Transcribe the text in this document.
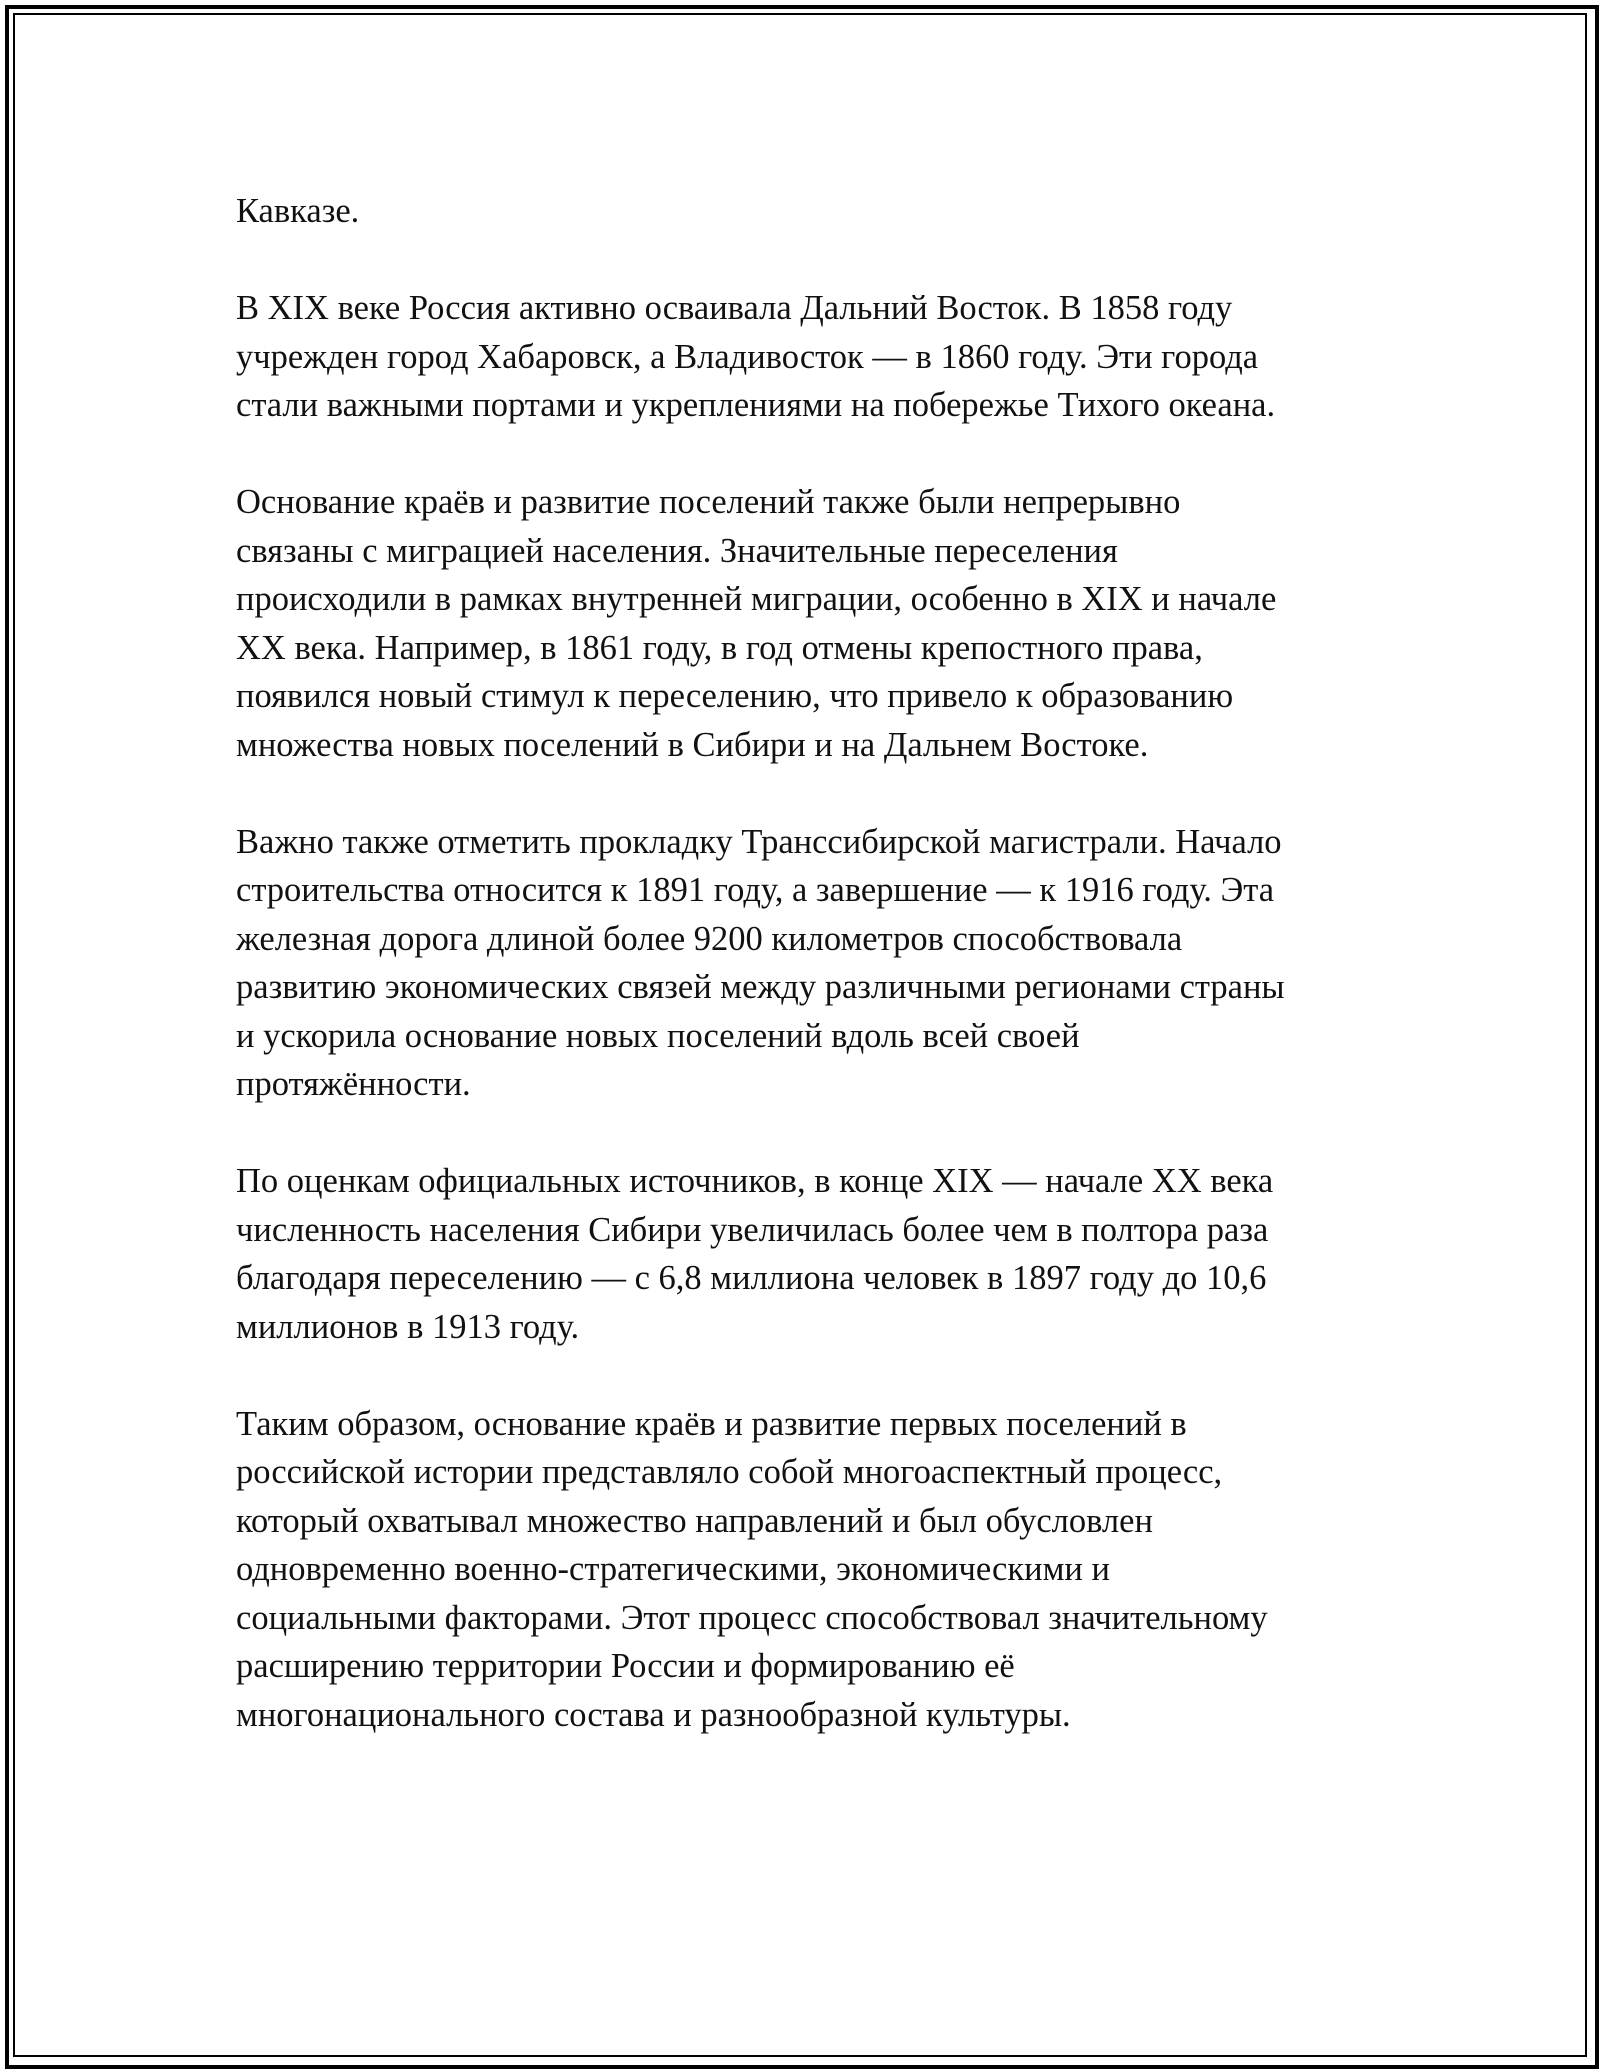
Кавказе.

В XIX веке Россия активно осваивала Дальний Восток. В 1858 году
учрежден город Хабаровск, а Владивосток — в 1860 году. Эти города
стали важными портами и укреплениями на побережье Тихого океана.

Основание краёв и развитие поселений также были непрерывно
связаны с миграцией населения. Значительные переселения
происходили в рамках внутренней миграции, особенно в XIX и начале
XX века. Например, в 1861 году, в год отмены крепостного права,
появился новый стимул к переселению, что привело к образованию
множества новых поселений в Сибири и на Дальнем Востоке.

Важно также отметить прокладку Транссибирской магистрали. Начало
строительства относится к 1891 году, а завершение — к 1916 году. Эта
железная дорога длиной более 9200 километров способствовала
развитию экономических связей между различными регионами страны
и ускорила основание новых поселений вдоль всей своей
протяжённости.

По оценкам официальных источников, в конце XIX — начале XX века
численность населения Сибири увеличилась более чем в полтора раза
благодаря переселению — с 6,8 миллиона человек в 1897 году до 10,6
миллионов в 1913 году.

Таким образом, основание краёв и развитие первых поселений в
российской истории представляло собой многоаспектный процесс,
который охватывал множество направлений и был обусловлен
одновременно военно-стратегическими, экономическими и
социальными факторами. Этот процесс способствовал значительному
расширению территории России и формированию её
многонационального состава и разнообразной культуры.
